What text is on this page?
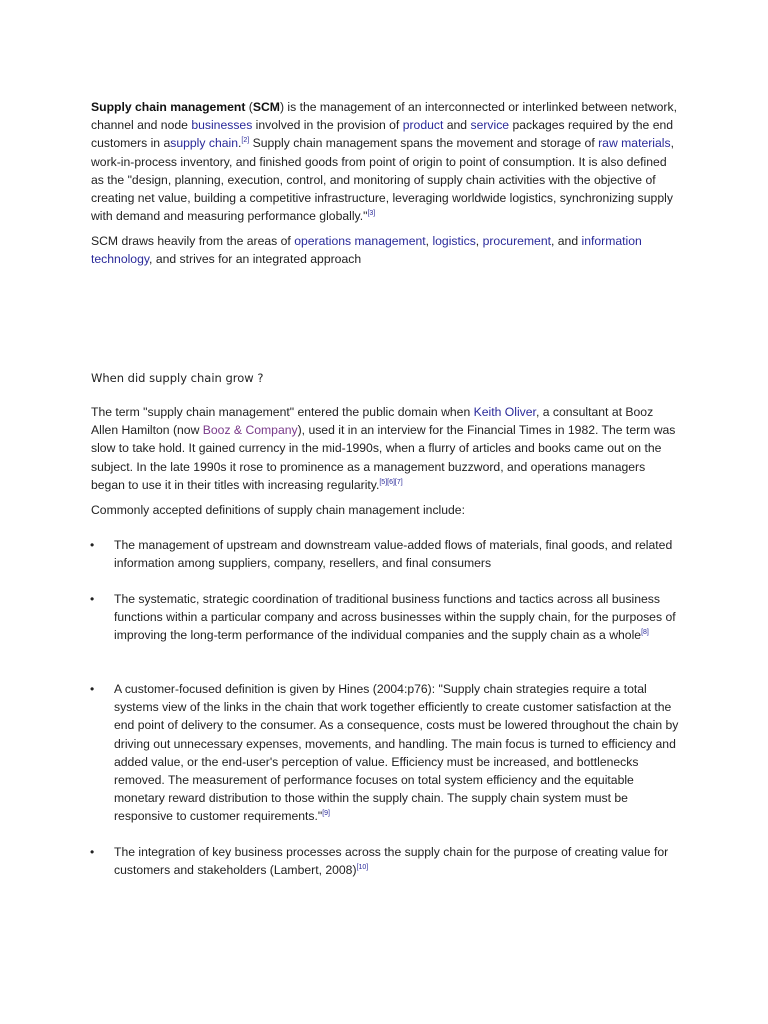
Supply chain management (SCM) is the management of an interconnected or interlinked between network, channel and node businesses involved in the provision of product and service packages required by the end customers in asupply chain.[2] Supply chain management spans the movement and storage of raw materials, work-in-process inventory, and finished goods from point of origin to point of consumption. It is also defined as the "design, planning, execution, control, and monitoring of supply chain activities with the objective of creating net value, building a competitive infrastructure, leveraging worldwide logistics, synchronizing supply with demand and measuring performance globally."[3]

SCM draws heavily from the areas of operations management, logistics, procurement, and information technology, and strives for an integrated approach

When did supply chain grow ?

The term "supply chain management" entered the public domain when Keith Oliver, a consultant at Booz Allen Hamilton (now Booz & Company), used it in an interview for the Financial Times in 1982. The term was slow to take hold. It gained currency in the mid-1990s, when a flurry of articles and books came out on the subject. In the late 1990s it rose to prominence as a management buzzword, and operations managers began to use it in their titles with increasing regularity.[5][6][7]

Commonly accepted definitions of supply chain management include:

• The management of upstream and downstream value-added flows of materials, final goods, and related information among suppliers, company, resellers, and final consumers
• The systematic, strategic coordination of traditional business functions and tactics across all business functions within a particular company and across businesses within the supply chain, for the purposes of improving the long-term performance of the individual companies and the supply chain as a whole[8]
• A customer-focused definition is given by Hines (2004:p76): "Supply chain strategies require a total systems view of the links in the chain that work together efficiently to create customer satisfaction at the end point of delivery to the consumer. As a consequence, costs must be lowered throughout the chain by driving out unnecessary expenses, movements, and handling. The main focus is turned to efficiency and added value, or the end-user's perception of value. Efficiency must be increased, and bottlenecks removed. The measurement of performance focuses on total system efficiency and the equitable monetary reward distribution to those within the supply chain. The supply chain system must be responsive to customer requirements."[9]
• The integration of key business processes across the supply chain for the purpose of creating value for customers and stakeholders (Lambert, 2008)[10]
